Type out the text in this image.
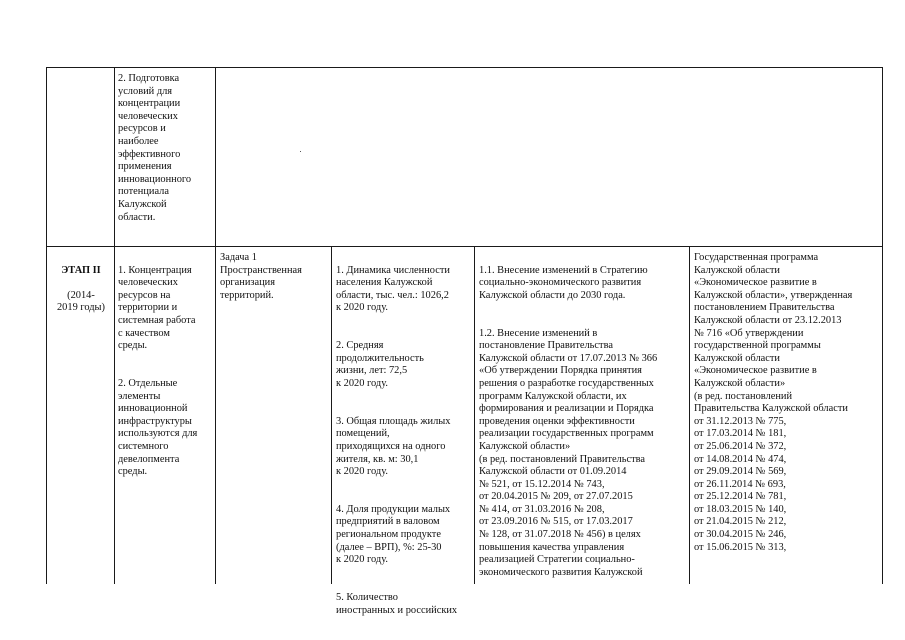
2. Подготовка
условий для
концентрации
человеческих
ресурсов и
наиболее
эффективного
применения
инновационного
потенциала
Калужской
области.

ЭТАП II

(2014-
2019 годы)

1. Концентрация
человеческих
ресурсов на
территории и
системная работа
с качеством
среды.

2. Отдельные
элементы
инновационной
инфраструктуры
используются для
системного
девелопмента
среды.

Задача 1
Пространственная
организация
территорий.

1. Динамика численности
населения Калужской
области, тыс. чел.: 1026,2
к 2020 году.

2. Средняя
продолжительность
жизни, лет: 72,5
к 2020 году.

3. Общая площадь жилых
помещений,
приходящихся на одного
жителя, кв. м: 30,1
к 2020 году.

4. Доля продукции малых
предприятий в валовом
региональном продукте
(далее – ВРП), %: 25-30
к 2020 году.

5. Количество
иностранных и российских

1.1. Внесение изменений в Стратегию
социально-экономического развития
Калужской области до 2030 года.

1.2. Внесение изменений в
постановление Правительства
Калужской области от 17.07.2013 № 366
«Об утверждении Порядка принятия
решения о разработке государственных
программ Калужской области, их
формирования и реализации и Порядка
проведения оценки эффективности
реализации государственных программ
Калужской области»
(в ред. постановлений Правительства
Калужской области от 01.09.2014
№ 521, от 15.12.2014 № 743,
от 20.04.2015 № 209, от 27.07.2015
№ 414, от 31.03.2016 № 208,
от 23.09.2016 № 515, от 17.03.2017
№ 128, от 31.07.2018 № 456) в целях
повышения качества управления
реализацией Стратегии социально-
экономического развития Калужской

Государственная программа
Калужской области
«Экономическое развитие в
Калужской области», утвержденная
постановлением Правительства
Калужской области от 23.12.2013
№ 716 «Об утверждении
государственной программы
Калужской области
«Экономическое развитие в
Калужской области»
(в ред. постановлений
Правительства Калужской области
от 31.12.2013 № 775,
от 17.03.2014 № 181,
от 25.06.2014 № 372,
от 14.08.2014 № 474,
от 29.09.2014 № 569,
от 26.11.2014 № 693,
от 25.12.2014 № 781,
от 18.03.2015 № 140,
от 21.04.2015 № 212,
от 30.04.2015 № 246,
от 15.06.2015 № 313,
